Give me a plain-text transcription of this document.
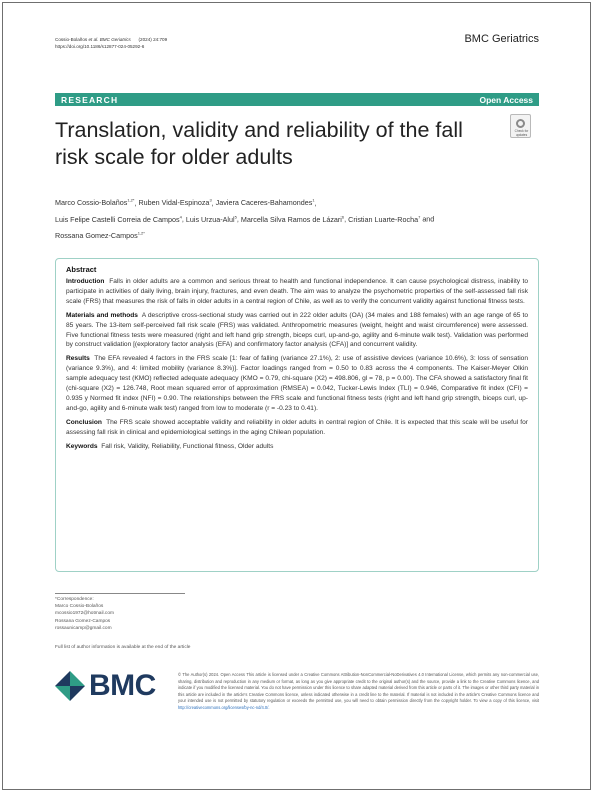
Cossio-Bolaños et al. BMC Geriatrics (2024) 24:709
https://doi.org/10.1186/s12877-024-05292-6
BMC Geriatrics
RESEARCH	Open Access
Translation, validity and reliability of the fall risk scale for older adults
Check for updates
Marco Cossio-Bolaños$^{1,2*}$, Ruben Vidal-Espinoza$^3$, Javiera Caceres-Bahamondes$^1$,
Luis Felipe Castelli Correia de Campos$^4$, Luis Urzua-Alul$^5$, Marcella Silva Ramos de Lázari$^6$, Cristian Luarte-Rocha$^7$ and
Rossana Gomez-Campos$^{1,2*}$
Abstract

Introduction Falls in older adults are a common and serious threat to health and functional independence. It can cause psychological distress, inability to participate in activities of daily living, brain injury, fractures, and even death. The aim was to analyze the psychometric properties of the self-assessed fall risk scale (FRS) that measures the risk of falls in older adults in a central region of Chile, as well as to verify the concurrent validity against functional fitness tests.

Materials and methods A descriptive cross-sectional study was carried out in 222 older adults (OA) (34 males and 188 females) with an age range of 65 to 85 years. The 13-item self-perceived fall risk scale (FRS) was validated. Anthropometric measures (weight, height and waist circumference) were assessed. Five functional fitness tests were measured (right and left hand grip strength, biceps curl, up-and-go, agility and 6-minute walk test). Validation was performed by construct validation [(exploratory factor analysis (EFA) and confirmatory factor analysis (CFA)] and concurrent validity.

Results The EFA revealed 4 factors in the FRS scale [1: fear of falling (variance 27.1%), 2: use of assistive devices (variance 10.6%), 3: loss of sensation (variance 9.3%), and 4: limited mobility (variance 8.3%)]. Factor loadings ranged from = 0.50 to 0.83 across the 4 components. The Kaiser-Meyer Olkin sample adequacy test (KMO) reflected adequate adequacy (KMO = 0.79, chi-square (X2) = 498.806, gl = 78, p = 0.00). The CFA showed a satisfactory final fit (chi-square (X2) = 126.748, Root mean squared error of approximation (RMSEA) = 0.042, Tucker-Lewis Index (TLI) = 0.946, Comparative fit index (CFI) = 0.935 y Normed fit index (NFI) = 0.90. The relationships between the FRS scale and functional fitness tests (right and left hand grip strength, biceps curl, up-and-go, agility and 6-minute walk test) ranged from low to moderate (r = -0.23 to 0.41).

Conclusion The FRS scale showed acceptable validity and reliability in older adults in central region of Chile. It is expected that this scale will be useful for assessing fall risk in clinical and epidemiological settings in the aging Chilean population.

Keywords Fall risk, Validity, Reliability, Functional fitness, Older adults

*Correspondence:
Marco Cossio-Bolaños
mcossio1972@hotmail.com
Rossana Gomez-Campos
rossaunicamp@gmail.com
Full list of author information is available at the end of the article
BMC	© The Author(s) 2024. Open Access This article is licensed under a Creative Commons Attribution-NonCommercial-NoDerivatives 4.0 International License, which permits any non-commercial use, sharing, distribution and reproduction in any medium or format, as long as you give appropriate credit to the original author(s) and the source, provide a link to the Creative Commons licence, and indicate if you modified the licensed material. You do not have permission under this licence to share adapted material derived from this article or parts of it. The images or other third party material in this article are included in the article's Creative Commons licence, unless indicated otherwise in a credit line to the material. If material is not included in the article's Creative Commons licence and your intended use is not permitted by statutory regulation or exceeds the permitted use, you will need to obtain permission directly from the copyright holder. To view a copy of this licence, visit http://creativecommons.org/licenses/by-nc-nd/4.0/.
